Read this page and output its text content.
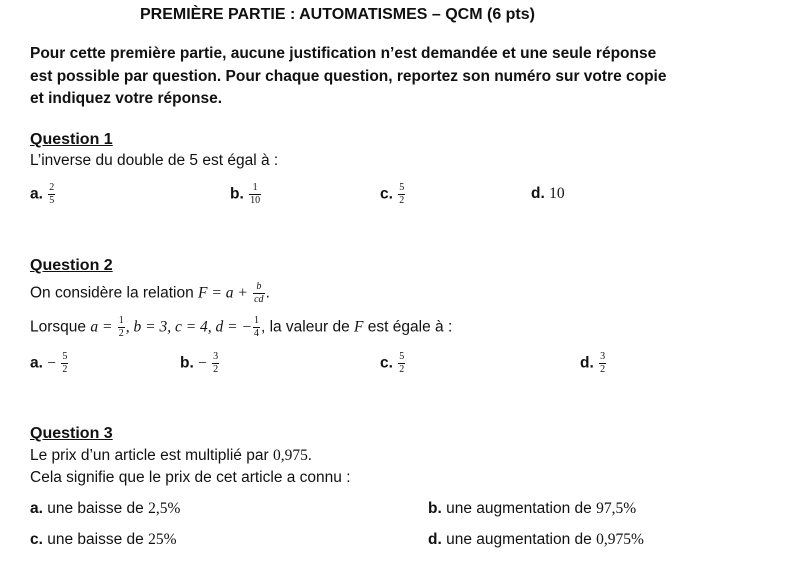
PREMIÈRE PARTIE : AUTOMATISMES – QCM (6 pts)
Pour cette première partie, aucune justification n’est demandée et une seule réponse
est possible par question. Pour chaque question, reportez son numéro sur votre copie
et indiquez votre réponse.
Question 1
L’inverse du double de 5 est égal à :
a. $\frac{2}{5}$	b. $\frac{1}{10}$	c. $\frac{5}{2}$	d. 10
Question 2
On considère la relation $F = a + \frac{b}{cd}$ .
Lorsque $a = \frac{1}{2}$ , b = 3, c = 4, d = − $\frac{1}{4}$ , la valeur de F est égale à :
a. − $\frac{5}{2}$	b. − $\frac{3}{2}$	c. $\frac{5}{2}$	d. $\frac{3}{2}$
Question 3
Le prix d’un article est multiplié par 0,975.
Cela signifie que le prix de cet article a connu :
a. une baisse de 2,5%	b. une augmentation de 97,5%
c. une baisse de 25%	d. une augmentation de 0,975%
